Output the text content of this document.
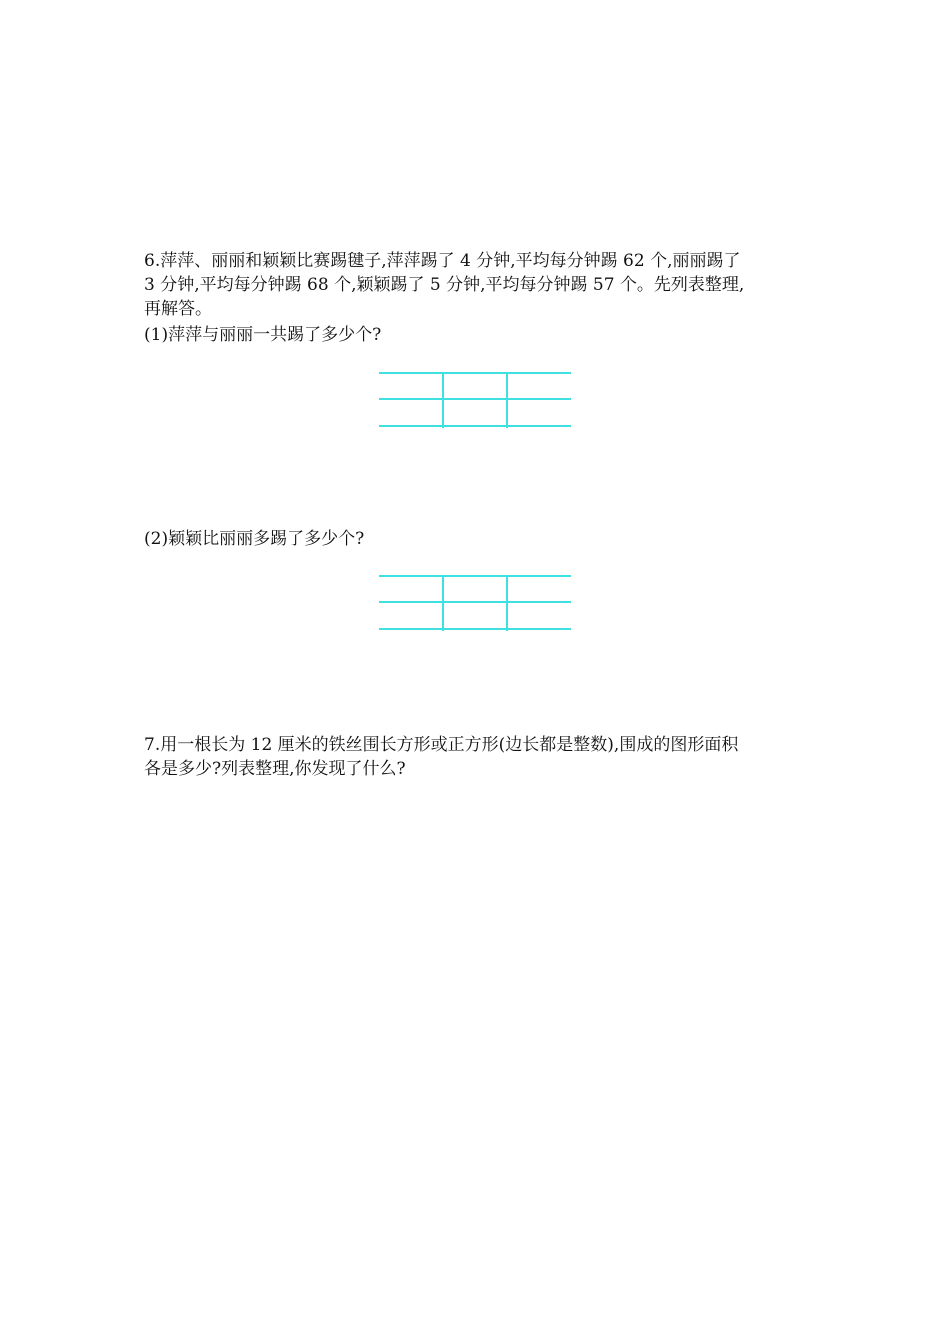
6.萍萍、丽丽和颖颖比赛踢毽子,萍萍踢了 4 分钟,平均每分钟踢 62 个,丽丽踢了
3 分钟,平均每分钟踢 68 个,颖颖踢了 5 分钟,平均每分钟踢 57 个。先列表整理,
再解答。
(1)萍萍与丽丽一共踢了多少个?
(2)颖颖比丽丽多踢了多少个?
7.用一根长为 12 厘米的铁丝围长方形或正方形(边长都是整数),围成的图形面积
各是多少?列表整理,你发现了什么?
